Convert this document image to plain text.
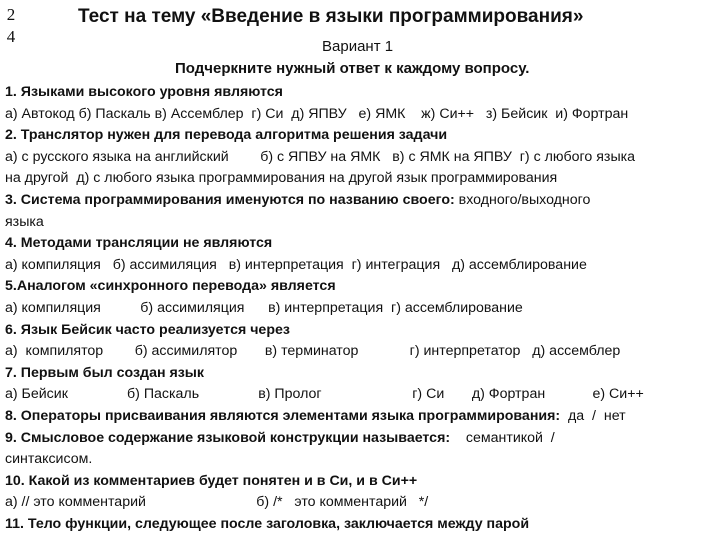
2
4
Тест на тему «Введение в языки программирования»
Вариант 1
Подчеркните нужный ответ к каждому вопросу.
1. Языками высокого уровня являются
а) Автокод б) Паскаль в) Ассемблер  г) Си  д) ЯПВУ   е) ЯМК    ж) Си++   з) Бейсик  и) Фортран
2. Транслятор нужен для перевода алгоритма решения задачи
а) с русского языка на английский        б) с ЯПВУ на ЯМК   в) с ЯМК на ЯПВУ  г) с любого языка
на другой  д) с любого языка программирования на другой язык программирования
3. Система программирования именуются по названию своего: входного/выходного
языка
4. Методами трансляции не являются
а) компиляция   б) ассимиляция   в) интерпретация  г) интеграция   д) ассемблирование
5.Аналогом «синхронного перевода» является
а) компиляция          б) ассимиляция      в) интерпретация  г) ассемблирование
6. Язык Бейсик часто реализуется через
а)  компилятор        б) ассимилятор       в) терминатор             г) интерпретатор   д) ассемблер
7. Первым был создан язык
а) Бейсик               б) Паскаль               в) Пролог                       г) Си       д) Фортран            е) Си++
8. Операторы присваивания являются элементами языка программирования:  да  /  нет
9. Смысловое содержание языковой конструкции называется:    семантикой  /
синтаксисом.
10. Какой из комментариев будет понятен и в Си, и в Си++
а) // это комментарий                            б) /*   это комментарий   */
11. Тело функции, следующее после заголовка, заключается между парой
